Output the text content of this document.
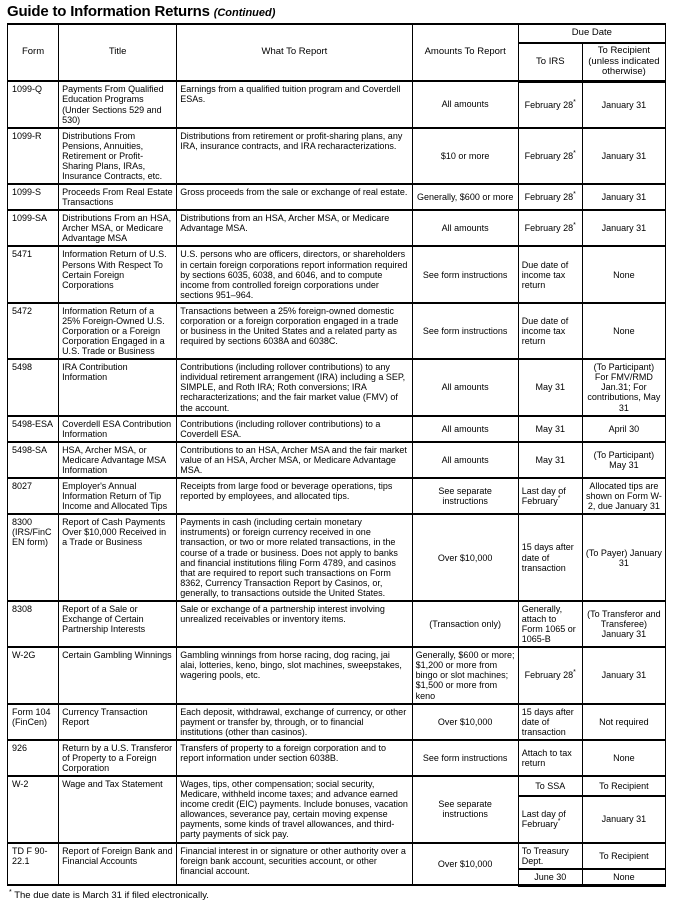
Guide to Information Returns (Continued)
Form	Title	What To Report	Amounts To Report	Due Date	
				To IRS	To Recipient (unless indicated otherwise)
1099-Q	Payments From Qualified Education Programs (Under Sections 529 and 530)	Earnings from a qualified tuition program and Coverdell ESAs.	All amounts	February 28*	January 31
1099-R	Distributions From Pensions, Annuities, Retirement or Profit-Sharing Plans, IRAs, Insurance Contracts, etc.	Distributions from retirement or profit-sharing plans, any IRA, insurance contracts, and IRA recharacterizations.	$10 or more	February 28*	January 31
1099-S	Proceeds From Real Estate Transactions	Gross proceeds from the sale or exchange of real estate.	Generally, $600 or more	February 28*	January 31
1099-SA	Distributions From an HSA, Archer MSA, or Medicare Advantage MSA	Distributions from an HSA, Archer MSA, or Medicare Advantage MSA.	All amounts	February 28*	January 31
5471	Information Return of U.S. Persons With Respect To Certain Foreign Corporations	U.S. persons who are officers, directors, or shareholders in certain foreign corporations report information required by sections 6035, 6038, and 6046, and to compute income from controlled foreign corporations under sections 951–964.	See form instructions	Due date of income tax return	None
5472	Information Return of a 25% Foreign-Owned U.S. Corporation or a Foreign Corporation Engaged in a U.S. Trade or Business	Transactions between a 25% foreign-owned domestic corporation or a foreign corporation engaged in a trade or business in the United States and a related party as required by sections 6038A and 6038C.	See form instructions	Due date of income tax return	None
5498	IRA Contribution Information	Contributions (including rollover contributions) to any individual retirement arrangement (IRA) including a SEP, SIMPLE, and Roth IRA; Roth conversions; IRA recharacterizations; and the fair market value (FMV) of the account.	All amounts	May 31	(To Participant) For FMV/RMD Jan.31; For contributions, May 31
5498-ESA	Coverdell ESA Contribution Information	Contributions (including rollover contributions) to a Coverdell ESA.	All amounts	May 31	April 30
5498-SA	HSA, Archer MSA, or Medicare Advantage MSA Information	Contributions to an HSA, Archer MSA and the fair market value of an HSA, Archer MSA, or Medicare Advantage MSA.	All amounts	May 31	(To Participant) May 31
8027	Employer's Annual Information Return of Tip Income and Allocated Tips	Receipts from large food or beverage operations, tips reported by employees, and allocated tips.	See separate instructions	Last day of February*	Allocated tips are shown on Form W-2, due January 31
8300 (IRS/FinCEN form)	Report of Cash Payments Over $10,000 Received in a Trade or Business	Payments in cash (including certain monetary instruments) or foreign currency received in one transaction, or two or more related transactions, in the course of a trade or business. Does not apply to banks and financial institutions filing Form 4789, and casinos that are required to report such transactions on Form 8362, Currency Transaction Report by Casinos, or, generally, to transactions outside the United States.	Over $10,000	15 days after date of transaction	(To Payer) January 31
8308	Report of a Sale or Exchange of Certain Partnership Interests	Sale or exchange of a partnership interest involving unrealized receivables or inventory items.	(Transaction only)	Generally, attach to Form 1065 or 1065-B	(To Transferor and Transferee) January 31
W-2G	Certain Gambling Winnings	Gambling winnings from horse racing, dog racing, jai alai, lotteries, keno, bingo, slot machines, sweepstakes, wagering pools, etc.	Generally, $600 or more; $1,200 or more from bingo or slot machines; $1,500 or more from keno	February 28*	January 31
Form 104 (FinCen)	Currency Transaction Report	Each deposit, withdrawal, exchange of currency, or other payment or transfer by, through, or to financial institutions (other than casinos).	Over $10,000	15 days after date of transaction	Not required
926	Return by a U.S. Transferor of Property to a Foreign Corporation	Transfers of property to a foreign corporation and to report information under section 6038B.	See form instructions	Attach to tax return	None
W-2	Wage and Tax Statement	Wages, tips, other compensation; social security, Medicare, withheld income taxes; and advance earned income credit (EIC) payments. Include bonuses, vacation allowances, severance pay, certain moving expense payments, some kinds of travel allowances, and third-party payments of sick pay.	See separate instructions	To SSA	To Recipient
				Last day of February*	January 31
TD F 90-22.1	Report of Foreign Bank and Financial Accounts	Financial interest in or signature or other authority over a foreign bank account, securities account, or other financial account.	Over $10,000	To Treasury Dept.	To Recipient
				June 30	None
* The due date is March 31 if filed electronically.
